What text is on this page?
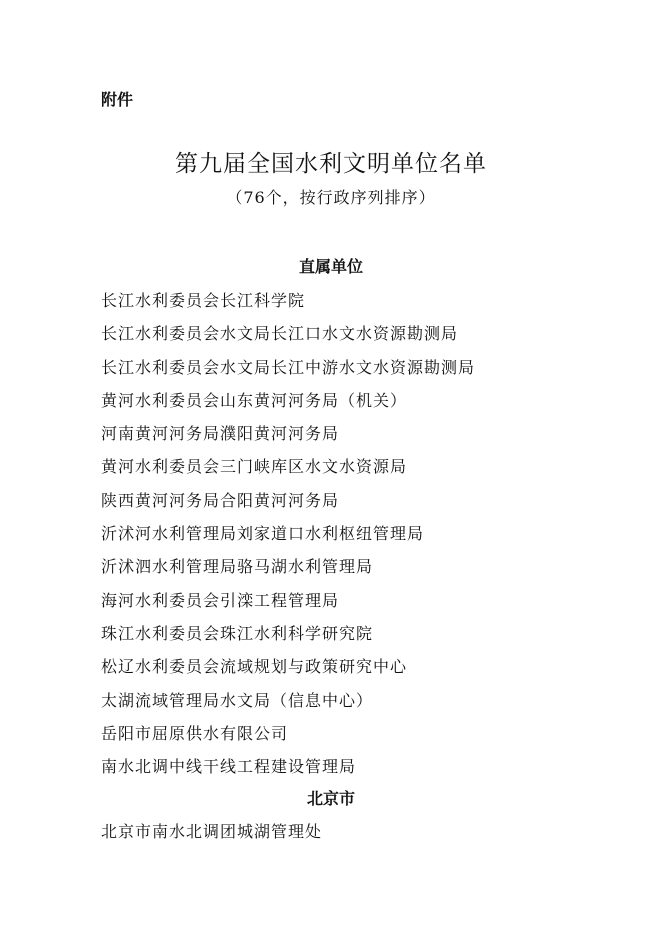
附件
第九届全国水利文明单位名单
（76个，按行政序列排序）
直属单位
长江水利委员会长江科学院
长江水利委员会水文局长江口水文水资源勘测局
长江水利委员会水文局长江中游水文水资源勘测局
黄河水利委员会山东黄河河务局（机关）
河南黄河河务局濮阳黄河河务局
黄河水利委员会三门峡库区水文水资源局
陕西黄河河务局合阳黄河河务局
沂沭河水利管理局刘家道口水利枢纽管理局
沂沭泗水利管理局骆马湖水利管理局
海河水利委员会引滦工程管理局
珠江水利委员会珠江水利科学研究院
松辽水利委员会流域规划与政策研究中心
太湖流域管理局水文局（信息中心）
岳阳市屈原供水有限公司
南水北调中线干线工程建设管理局
北京市
北京市南水北调团城湖管理处
